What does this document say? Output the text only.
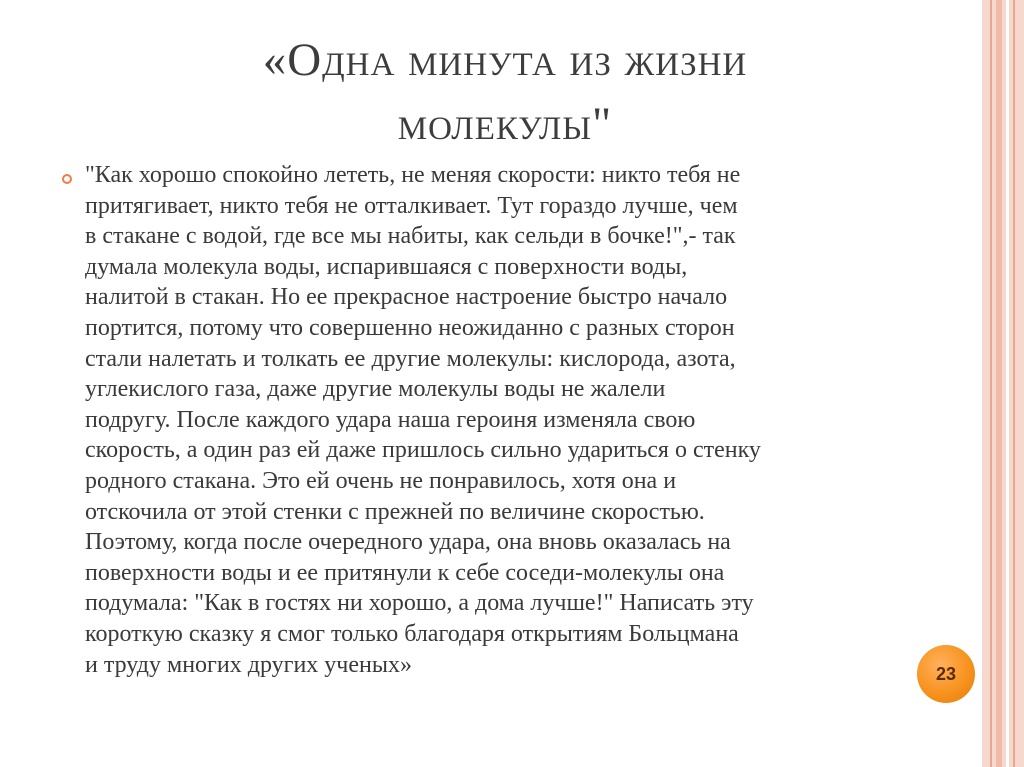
«Одна минута из жизни
молекулы"

"Как хорошо спокойно лететь, не меняя скорости: никто тебя не
притягивает, никто тебя не отталкивает. Тут гораздо лучше, чем
в стакане с водой, где все мы набиты, как сельди в бочке!",- так
думала молекула воды, испарившаяся с поверхности воды,
налитой в стакан. Но ее прекрасное настроение быстро начало
портится, потому что совершенно неожиданно с разных сторон
стали налетать и толкать ее другие молекулы: кислорода, азота,
углекислого газа, даже другие молекулы воды не жалели
подругу. После каждого удара наша героиня изменяла свою
скорость, а один раз ей даже пришлось сильно удариться о стенку
родного стакана. Это ей очень не понравилось, хотя она и
отскочила от этой стенки с прежней по величине скоростью.
Поэтому, когда после очередного удара, она вновь оказалась на
поверхности воды и ее притянули к себе соседи-молекулы она
подумала: "Как в гостях ни хорошо, а дома лучше!" Написать эту
короткую сказку я смог только благодаря открытиям Больцмана
и труду многих других ученых»	23
